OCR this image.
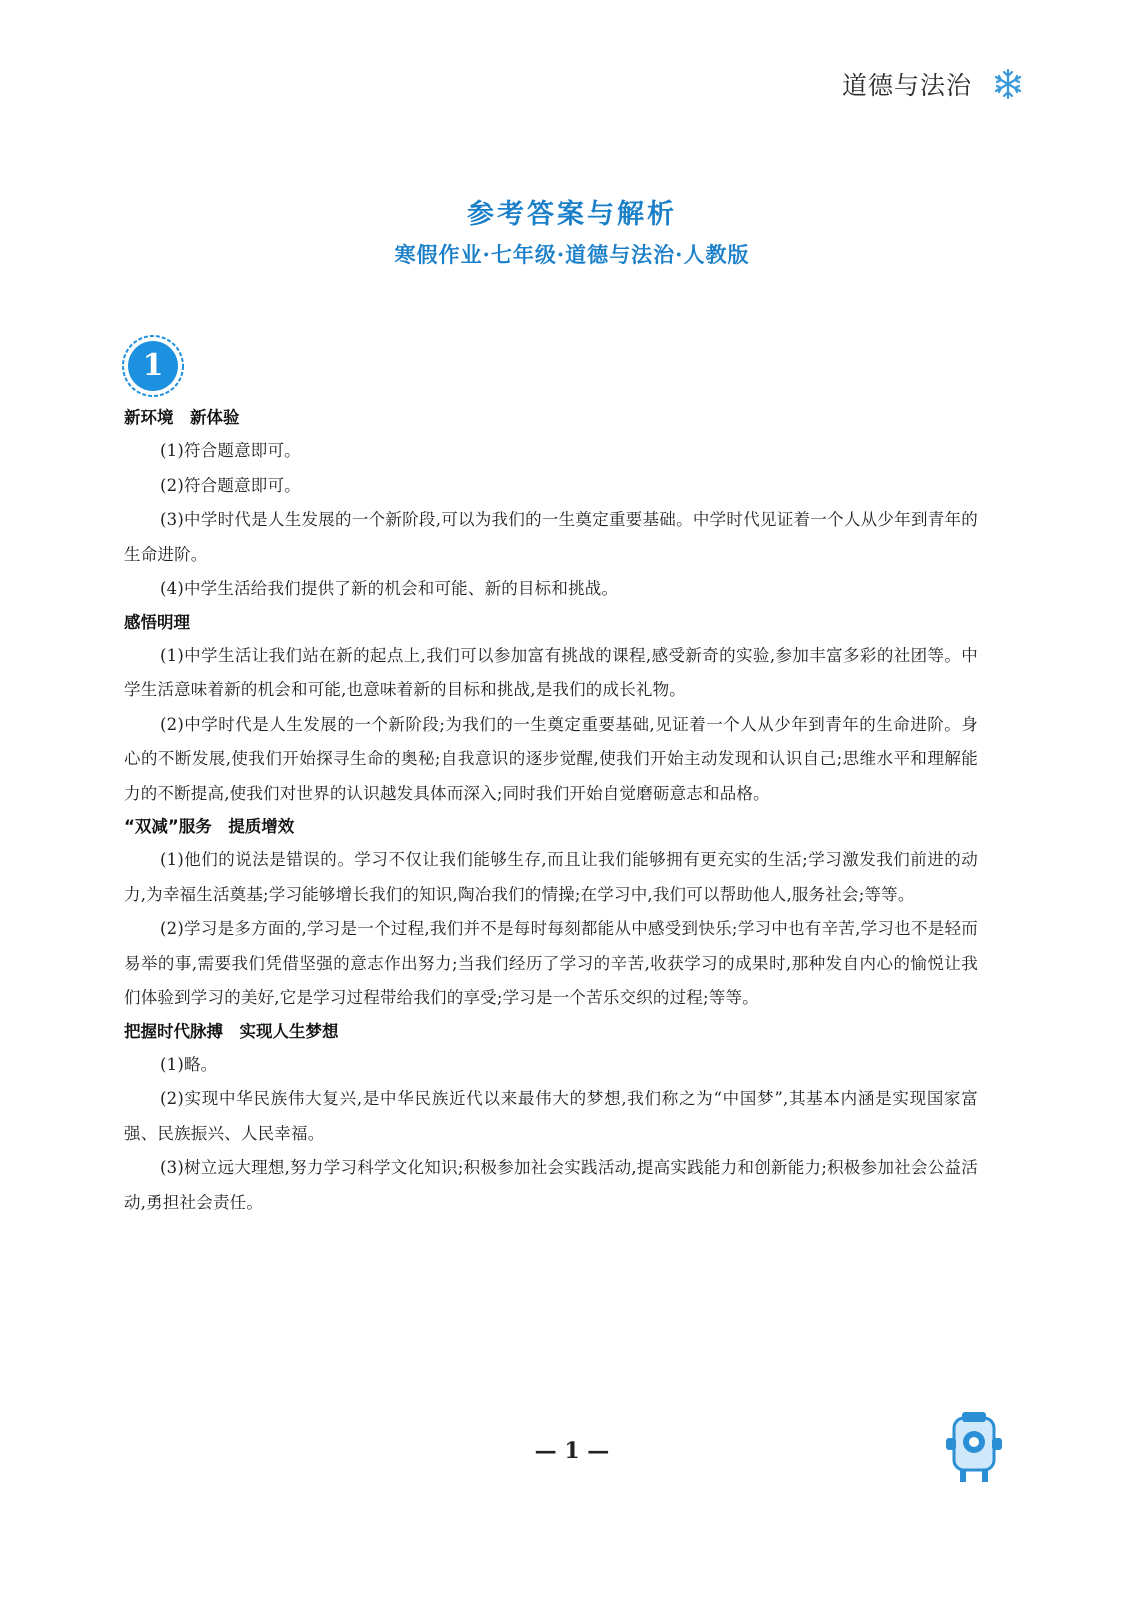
道德与法治
参考答案与解析
寒假作业·七年级·道德与法治·人教版
1
新环境　新体验
(1)符合题意即可。
(2)符合题意即可。
(3)中学时代是人生发展的一个新阶段,可以为我们的一生奠定重要基础。中学时代见证着一个人从少年到青年的生命进阶。
(4)中学生活给我们提供了新的机会和可能、新的目标和挑战。
感悟明理
(1)中学生活让我们站在新的起点上,我们可以参加富有挑战的课程,感受新奇的实验,参加丰富多彩的社团等。中学生活意味着新的机会和可能,也意味着新的目标和挑战,是我们的成长礼物。
(2)中学时代是人生发展的一个新阶段;为我们的一生奠定重要基础,见证着一个人从少年到青年的生命进阶。身心的不断发展,使我们开始探寻生命的奥秘;自我意识的逐步觉醒,使我们开始主动发现和认识自己;思维水平和理解能力的不断提高,使我们对世界的认识越发具体而深入;同时我们开始自觉磨砺意志和品格。
“双减”服务　提质增效
(1)他们的说法是错误的。学习不仅让我们能够生存,而且让我们能够拥有更充实的生活;学习激发我们前进的动力,为幸福生活奠基;学习能够增长我们的知识,陶冶我们的情操;在学习中,我们可以帮助他人,服务社会;等等。
(2)学习是多方面的,学习是一个过程,我们并不是每时每刻都能从中感受到快乐;学习中也有辛苦,学习也不是轻而易举的事,需要我们凭借坚强的意志作出努力;当我们经历了学习的辛苦,收获学习的成果时,那种发自内心的愉悦让我们体验到学习的美好,它是学习过程带给我们的享受;学习是一个苦乐交织的过程;等等。
把握时代脉搏　实现人生梦想
(1)略。
(2)实现中华民族伟大复兴,是中华民族近代以来最伟大的梦想,我们称之为“中国梦”,其基本内涵是实现国家富强、民族振兴、人民幸福。
(3)树立远大理想,努力学习科学文化知识;积极参加社会实践活动,提高实践能力和创新能力;积极参加社会公益活动,勇担社会责任。
— 1 —
